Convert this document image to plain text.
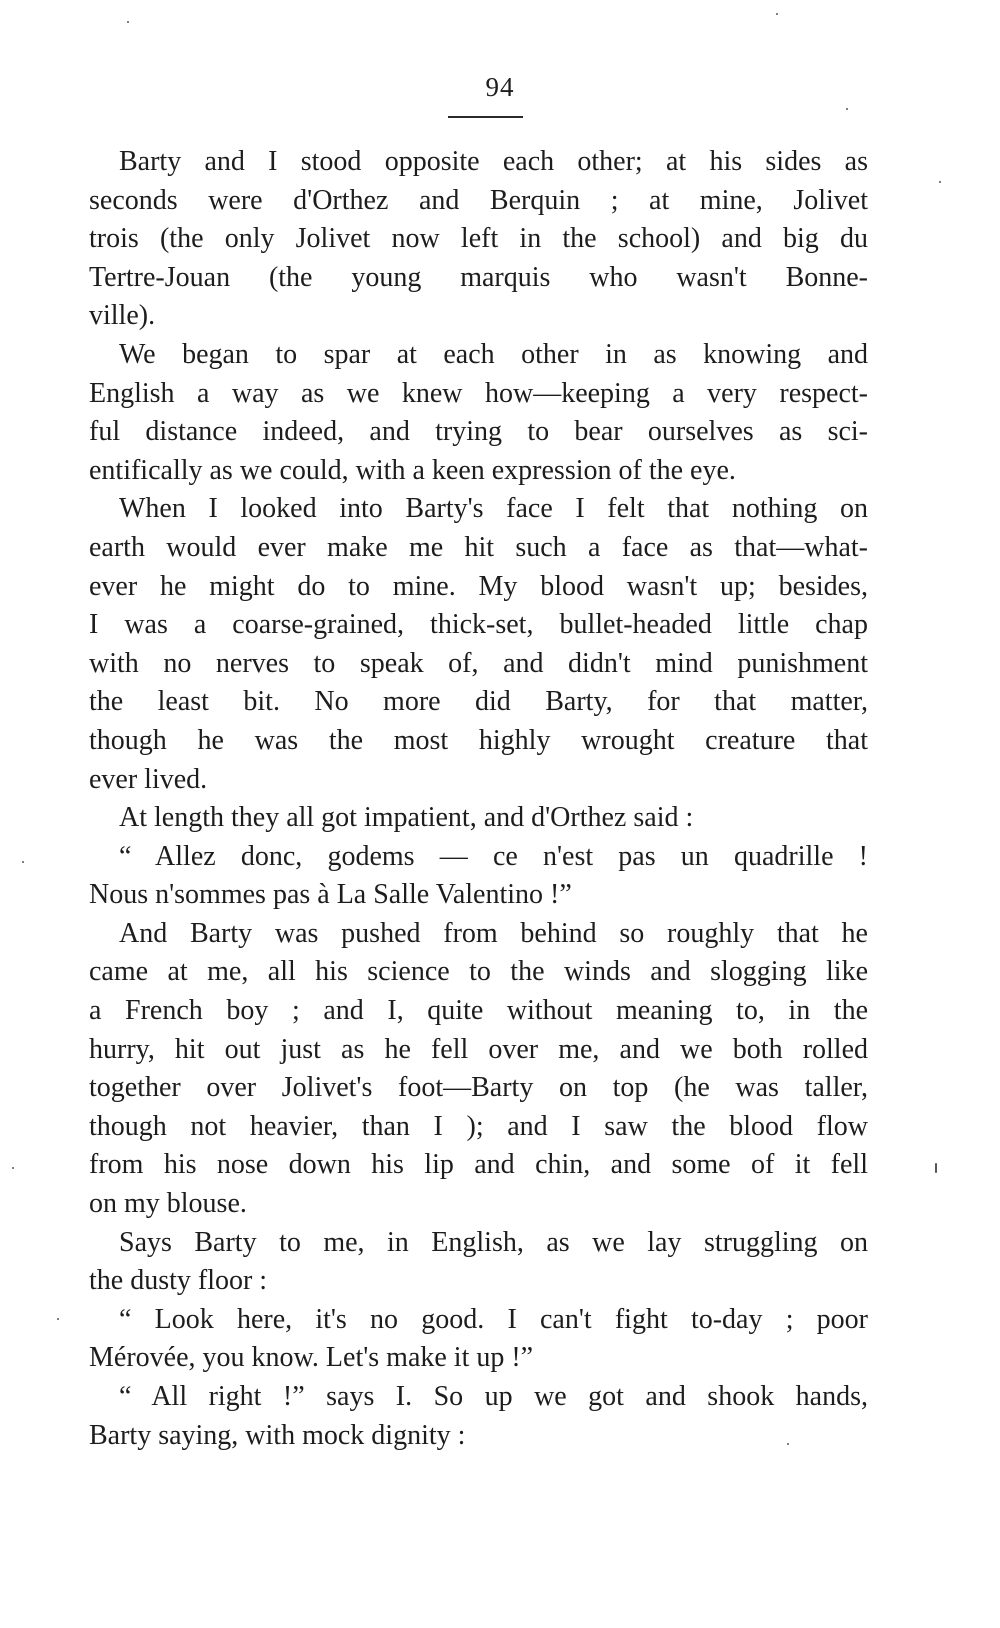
94
Barty and I stood opposite each other; at his sides as
seconds were d'Orthez and Berquin ; at mine, Jolivet
trois (the only Jolivet now left in the school) and big du
Tertre-Jouan (the young marquis who wasn't Bonne-
ville).
We began to spar at each other in as knowing and
English a way as we knew how—keeping a very respect-
ful distance indeed, and trying to bear ourselves as sci-
entifically as we could, with a keen expression of the eye.
When I looked into Barty's face I felt that nothing on
earth would ever make me hit such a face as that—what-
ever he might do to mine. My blood wasn't up; besides,
I was a coarse-grained, thick-set, bullet-headed little chap
with no nerves to speak of, and didn't mind punishment
the least bit. No more did Barty, for that matter,
though he was the most highly wrought creature that
ever lived.
At length they all got impatient, and d'Orthez said :
“ Allez donc, godems — ce n'est pas un quadrille !
Nous n'sommes pas à La Salle Valentino !”
And Barty was pushed from behind so roughly that he
came at me, all his science to the winds and slogging like
a French boy ; and I, quite without meaning to, in the
hurry, hit out just as he fell over me, and we both rolled
together over Jolivet's foot—Barty on top (he was taller,
though not heavier, than I ); and I saw the blood flow
from his nose down his lip and chin, and some of it fell
on my blouse.
Says Barty to me, in English, as we lay struggling on
the dusty floor :
“ Look here, it's no good. I can't fight to-day ; poor
Mérovée, you know. Let's make it up !”
“ All right !” says I. So up we got and shook hands,
Barty saying, with mock dignity :
